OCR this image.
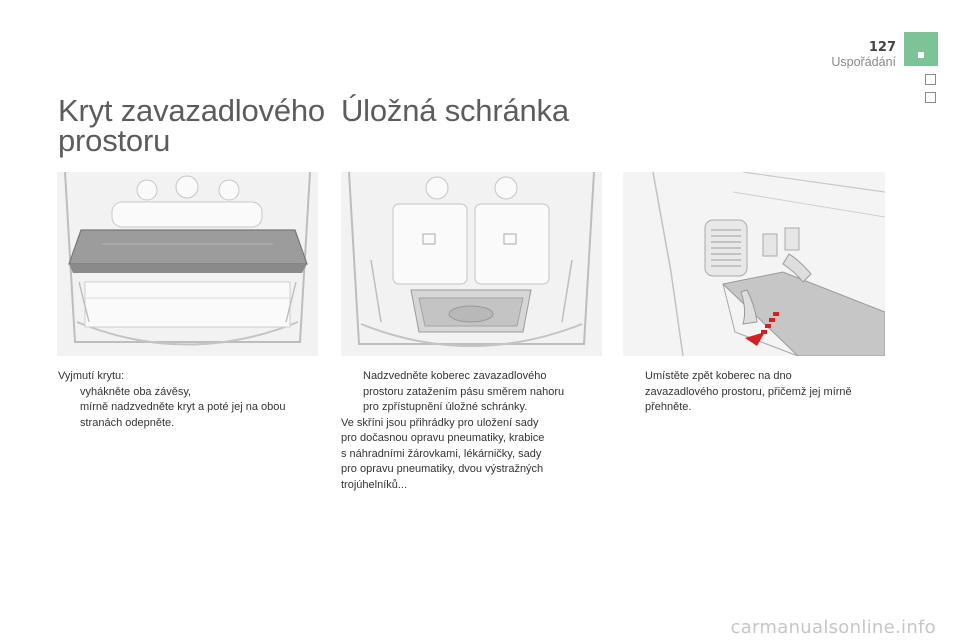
127
Uspořádání
Kryt zavazadlového
prostoru
Úložná schránka

Vyjmutí krytu:

vyhákněte oba závěsy,

mírně nadzvedněte kryt a poté jej na obou

stranách odepněte.

Nadzvedněte koberec zavazadlového

prostoru zatažením pásu směrem nahoru

pro zpřístupnění úložné schránky.

Ve skříni jsou přihrádky pro uložení sady

pro dočasnou opravu pneumatiky, krabice

s náhradními žárovkami, lékárničky, sady

pro opravu pneumatiky, dvou výstražných

trojúhelníků...

Umístěte zpět koberec na dno

zavazadlového prostoru, přičemž jej mírně

přehněte.

carmanualsonline.info
